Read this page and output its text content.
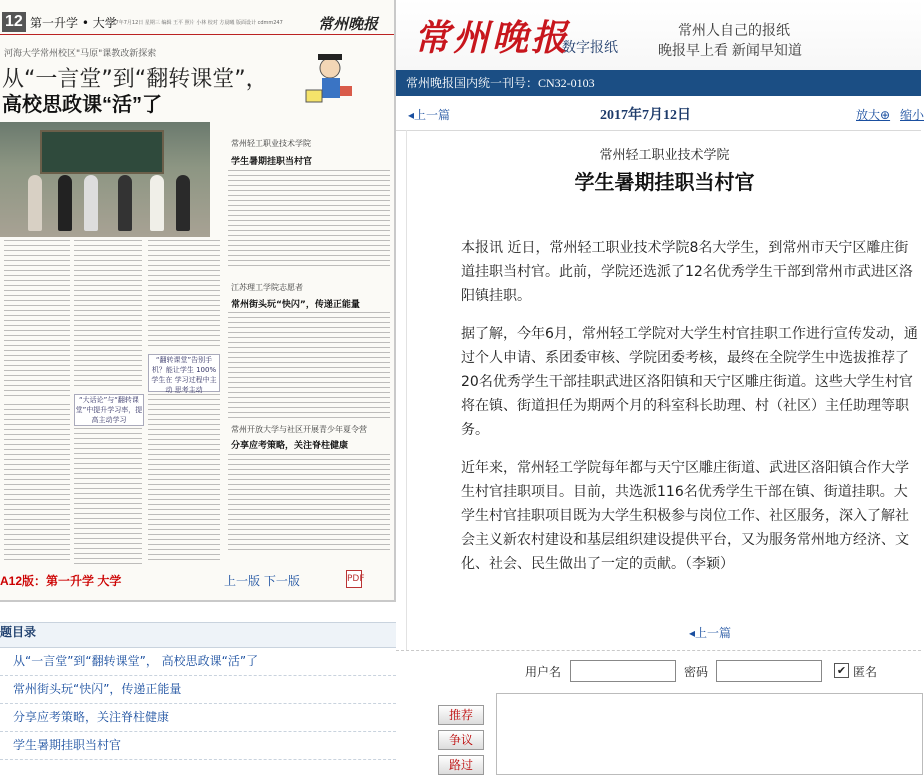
12 第一升学 • 大学
2017年7月12日 星期三 编辑 王平 照片 小林 校对 方晨曦 版面设计 cdmm247 常州晚报
河海大学常州校区"马原"课教改新探索
从“一言堂”到“翻转课堂”，
高校思政课“活”了
常州轻工职业技术学院
学生暑期挂职当村官
江苏理工学院志愿者
常州街头玩“快闪”，传递正能量
常州开放大学与社区开展青少年夏令营
分享应考策略，关注脊柱健康
“翻转课堂”告别手机？能让学生 100%学生在 学习过程中主动 思考主动
“大话论”与“翻转课堂”中提升学习率，提高主动学习
A12版：第一升学 大学	上一版 下一版	PDF
题目录
从“一言堂”到“翻转课堂”， 高校思政课“活”了
常州街头玩“快闪”，传递正能量
分享应考策略，关注脊柱健康
学生暑期挂职当村官
常州晚报
数字报纸
常州人自己的报纸
晚报早上看 新闻早知道
常州晚报国内统一刊号：CN32-0103
◂上一篇	2017年7月12日	放大⊕ 缩小
常州轻工职业技术学院
学生暑期挂职当村官

本报讯 近日，常州轻工职业技术学院8名大学生，到常州市天宁区雕庄街道挂职当村官。此前，学院还选派了12名优秀学生干部到常州市武进区洛阳镇挂职。

据了解，今年6月，常州轻工学院对大学生村官挂职工作进行宣传发动，通过个人申请、系团委审核、学院团委考核，最终在全院学生中选拔推荐了20名优秀学生干部挂职武进区洛阳镇和天宁区雕庄街道。这些大学生村官将在镇、街道担任为期两个月的科室科长助理、村（社区）主任助理等职务。

近年来，常州轻工学院每年都与天宁区雕庄街道、武进区洛阳镇合作大学生村官挂职项目。目前，共选派116名优秀学生干部在镇、街道挂职。大学生村官挂职项目既为大学生积极参与岗位工作、社区服务，深入了解社会主义新农村建设和基层组织建设提供平台，又为服务常州地方经济、文化、社会、民生做出了一定的贡献。（李颖）

◂上一篇
用户名	密码	✔ 匿名
推荐
争议
路过
